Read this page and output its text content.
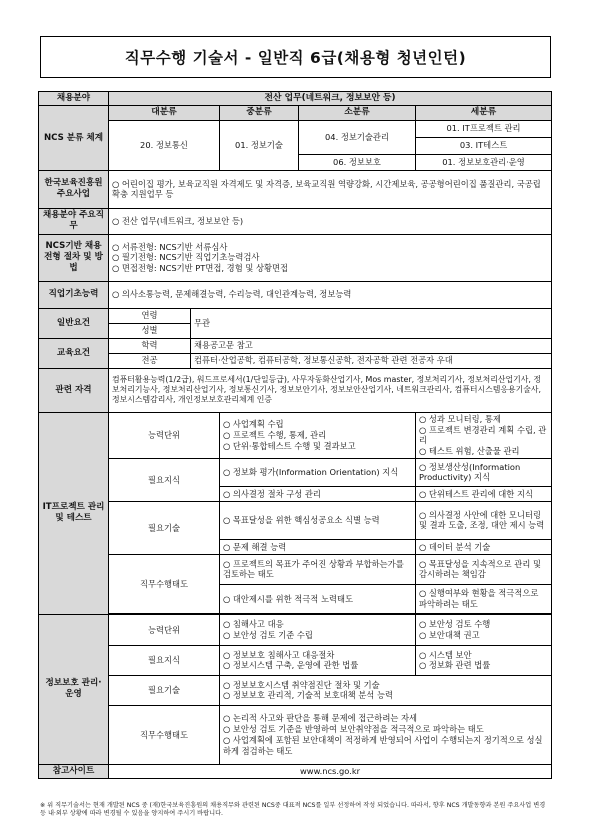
직무수행 기술서 - 일반직 6급(채용형 청년인턴)
채용분야	전산 업무(네트워크, 정보보안 등)				
NCS 분류 체계	대분류		중분류	소분류	세분류
	20. 정보통신		01. 정보기술	04. 정보기술관리	01. IT프로젝트 관리
					03. IT테스트
				06. 정보보호	01. 정보보호관리·운영
한국보육진흥원 주요사업	○ 어린이집 평가, 보육교직원 자격제도 및 자격증, 보육교직원 역량강화, 시간제보육, 공공형어린이집 품질관리, 국공립 확충 지원업무 등				
채용분야 주요직무	○ 전산 업무(네트워크, 정보보안 등)				
NCS기반 채용전형 절차 및 방법	○ 서류전형: NCS기반 서류심사
○ 필기전형: NCS기반 직업기초능력검사
○ 면접전형: NCS기반 PT면접, 경험 및 상황면접				

직업기초능력	○ 의사소통능력, 문제해결능력, 수리능력, 대인관계능력, 정보능력				
일반요건	연령	무관			
	성별				
교육요건	학력	채용공고문 참고			
	전공	컴퓨터·산업공학, 컴퓨터공학, 정보통신공학, 전자공학 관련 전공자 우대			
관련 자격	컴퓨터활용능력(1/2급), 워드프로세서(1/단일등급), 사무자동화산업기사, Mos master, 정보처리기사, 정보처리산업기사, 정보처리기능사, 정보처리산업기사, 정보통신기사, 정보보안기사, 정보보안산업기사, 네트워크관리사, 컴퓨터시스템응용기술사, 정보시스템감리사, 개인정보보호관리체계 인증				
IT프로젝트 관리 및 테스트	능력단위		○ 사업계획 수립
○ 프로젝트 수행, 통제, 관리
○ 단위·통합테스트 수행 및 결과보고		○ 성과 모니터링, 통제
○ 프로젝트 변경관리 계획 수립, 관리
○ 테스트 위험, 산출물 관리

	필요지식		○ 정보화 평가(Information Orientation) 지식		○ 정보생산성(Information Productivity) 지식
			○ 의사결정 절차 구성 관리		○ 단위테스트 관리에 대한 지식
	필요기술		○ 목표달성을 위한 핵심성공요소 식별 능력		○ 의사결정 사안에 대한 모니터링 및 결과 도출, 조정, 대안 제시 능력
			○ 문제 해결 능력		○ 데이터 분석 기술
	직무수행태도		○ 프로젝트의 목표가 주어진 상황과 부합하는가를 검토하는 태도		○ 목표달성을 지속적으로 관리 및 감시하려는 책임감
			○ 대안제시를 위한 적극적 노력태도		○ 실행여부와 현황을 적극적으로 파악하려는 태도

정보보호 관리·운영	능력단위		○ 침해사고 대응
○ 보안성 검토 기준 수립		○ 보안성 검토 수행
○ 보안대책 권고

	필요지식		○ 정보보호 침해사고 대응절차
○ 정보시스템 구축, 운영에 관한 법률		○ 시스템 보안
○ 정보화 관련 법률

	필요기술		○ 정보보호시스템 취약점진단 절차 및 기술
○ 정보보호 관리적, 기술적 보호대책 분석 능력		

	직무수행태도		○ 논리적 사고와 판단을 통해 문제에 접근하려는 자세
○ 보안성 검토 기준을 반영하여 보안취약점을 적극적으로 파악하는 태도
○ 사업계획에 포함된 보안대책이 적정하게 반영되어 사업이 수행되는지 정기적으로 성실하게 점검하는 태도		

참고사이트	www.ncs.go.kr				
※ 위 직무기술서는 현재 개발된 NCS 중 (재)한국보육진흥원의 채용직무와 관련된 NCS중 대표적 NCS를 일부 선정하여 작성 되었습니다. 따라서, 향후 NCS 개발동향과 본원 주요사업 변경 등 내·외부 상황에 따라 변경될 수 있음을 양지하여 주시기 바랍니다.
